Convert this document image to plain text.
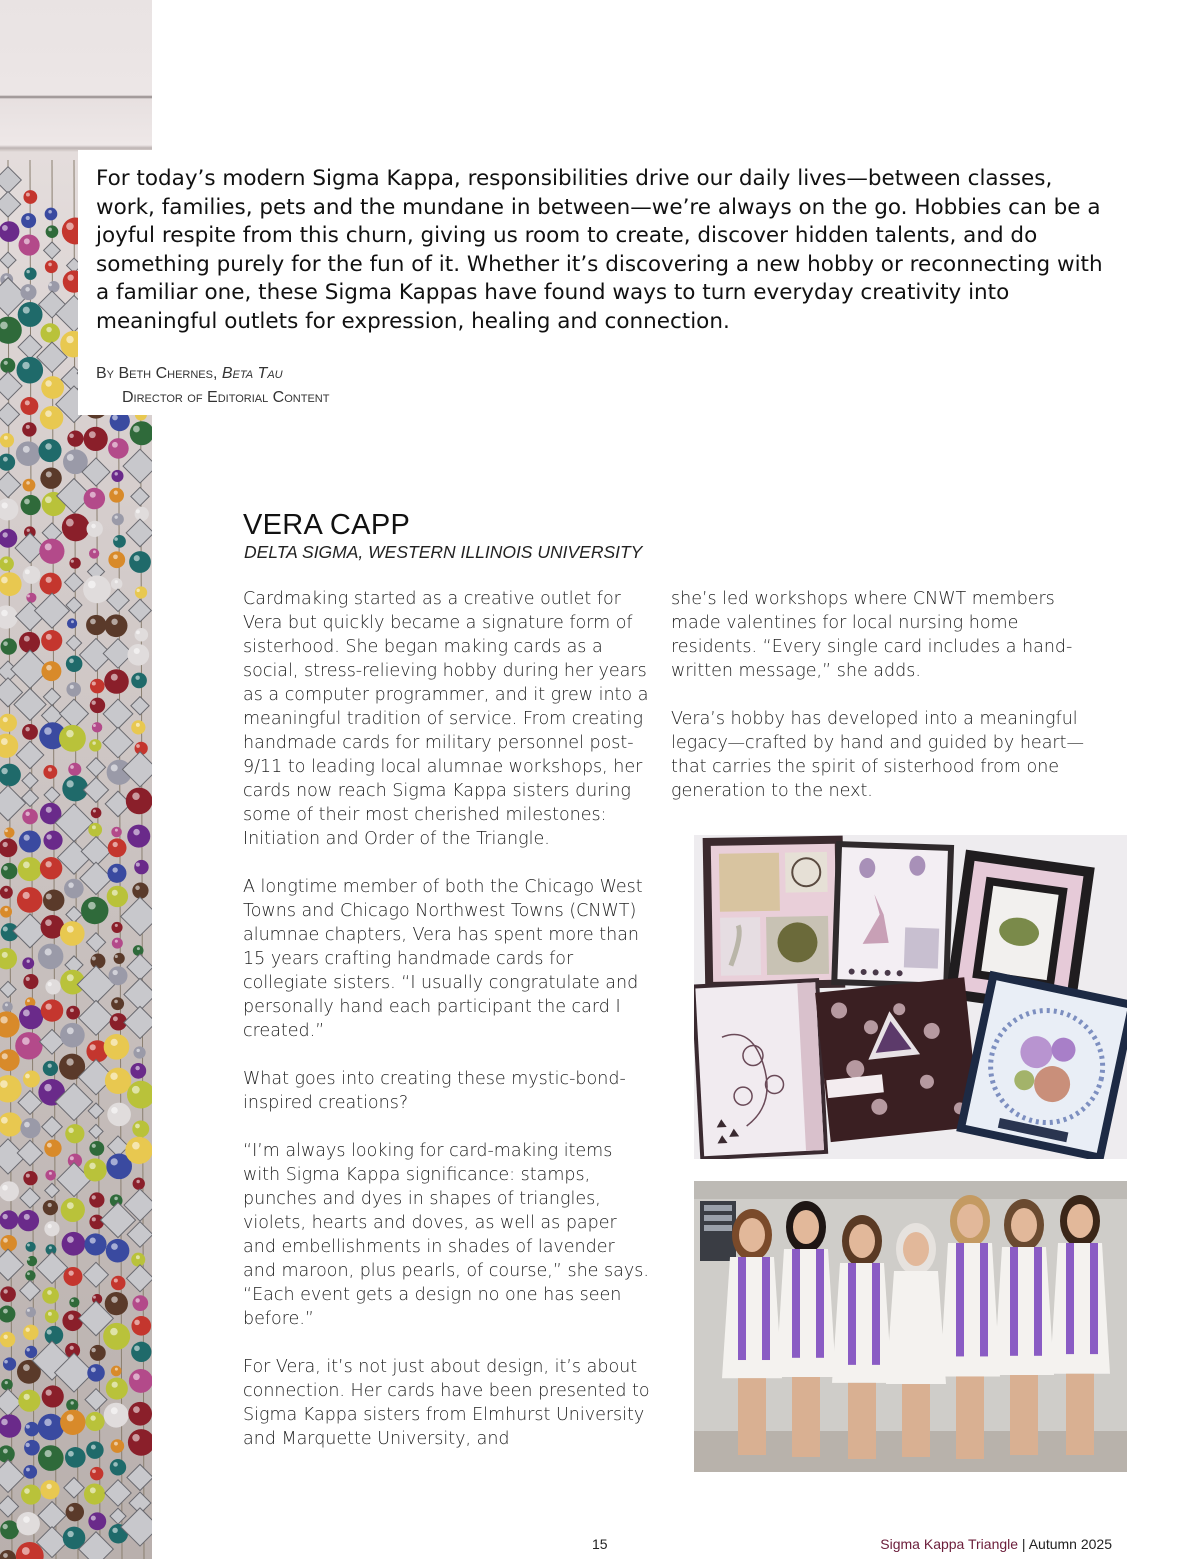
For today’s modern Sigma Kappa, responsibilities drive our daily lives—between classes, work, families, pets and the mundane in between—we’re always on the go. Hobbies can be a joyful respite from this churn, giving us room to create, discover hidden talents, and do something purely for the fun of it. Whether it’s discovering a new hobby or reconnecting with a familiar one, these Sigma Kappas have found ways to turn everyday creativity into meaningful outlets for expression, healing and connection.

By Beth Chernes, Beta Tau

Director of Editorial Content

VERA CAPP

DELTA SIGMA, WESTERN ILLINOIS UNIVERSITY

Cardmaking started as a creative outlet for Vera but quickly became a signature form of sisterhood. She began making cards as a social, stress-relieving hobby during her years as a computer programmer, and it grew into a meaningful tradition of service. From creating handmade cards for military personnel post-9/11 to leading local alumnae workshops, her cards now reach Sigma Kappa sisters during some of their most cherished milestones: Initiation and Order of the Triangle.

A longtime member of both the Chicago West Towns and Chicago Northwest Towns (CNWT) alumnae chapters, Vera has spent more than 15 years crafting handmade cards for collegiate sisters. “I usually congratulate and personally hand each participant the card I created.”

What goes into creating these mystic-bond-inspired creations?

“I’m always looking for card-making items with Sigma Kappa significance: stamps, punches and dyes in shapes of triangles, violets, hearts and doves, as well as paper and embellishments in shades of lavender and maroon, plus pearls, of course,” she says. “Each event gets a design no one has seen before.”

For Vera, it’s not just about design, it’s about connection. Her cards have been presented to Sigma Kappa sisters from Elmhurst University and Marquette University, and

she’s led workshops where CNWT members made valentines for local nursing home residents. “Every single card includes a hand-written message,” she adds.

Vera’s hobby has developed into a meaningful legacy—crafted by hand and guided by heart—that carries the spirit of sisterhood from one generation to the next.

15	Sigma Kappa Triangle | Autumn 2025
